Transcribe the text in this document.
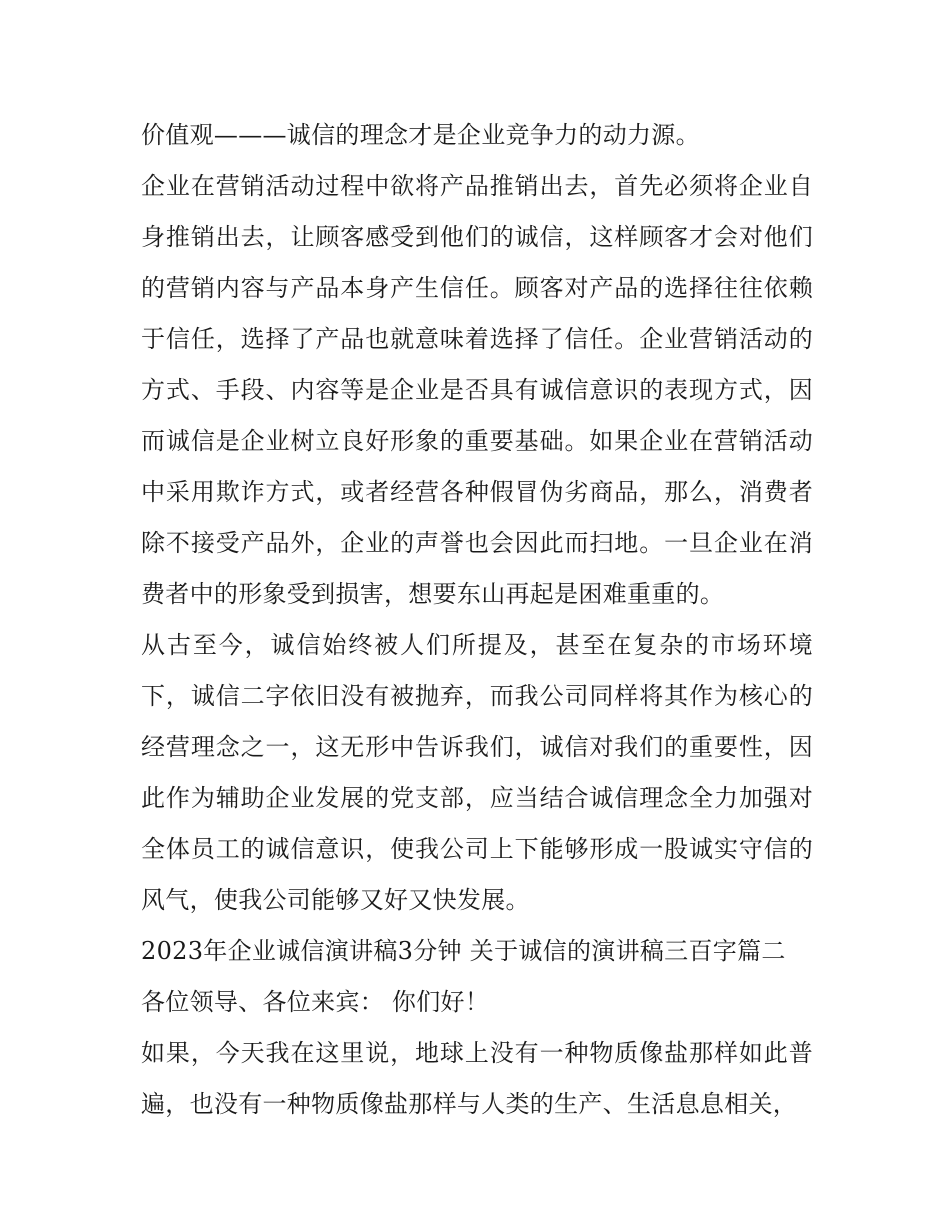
价值观———诚信的理念才是企业竞争力的动力源。

企业在营销活动过程中欲将产品推销出去，首先必须将企业自身推销出去，让顾客感受到他们的诚信，这样顾客才会对他们的营销内容与产品本身产生信任。顾客对产品的选择往往依赖于信任，选择了产品也就意味着选择了信任。企业营销活动的方式、手段、内容等是企业是否具有诚信意识的表现方式，因而诚信是企业树立良好形象的重要基础。如果企业在营销活动中采用欺诈方式，或者经营各种假冒伪劣商品，那么，消费者除不接受产品外，企业的声誉也会因此而扫地。一旦企业在消费者中的形象受到损害，想要东山再起是困难重重的。

从古至今，诚信始终被人们所提及，甚至在复杂的市场环境下，诚信二字依旧没有被抛弃，而我公司同样将其作为核心的经营理念之一，这无形中告诉我们，诚信对我们的重要性，因此作为辅助企业发展的党支部，应当结合诚信理念全力加强对全体员工的诚信意识，使我公司上下能够形成一股诚实守信的风气，使我公司能够又好又快发展。

2023年企业诚信演讲稿3分钟 关于诚信的演讲稿三百字篇二

各位领导、各位来宾： 你们好！

如果，今天我在这里说，地球上没有一种物质像盐那样如此普遍，也没有一种物质像盐那样与人类的生产、生活息息相关，
